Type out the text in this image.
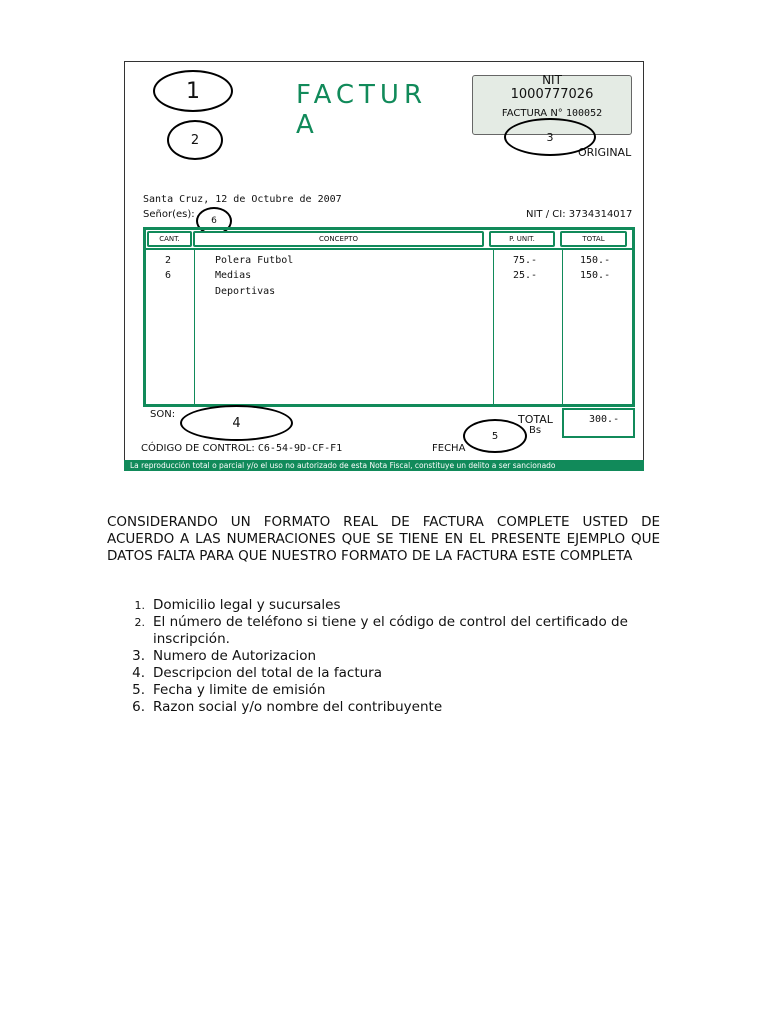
FACTURA
NIT
1000777026
FACTURA N° 100052
ORIGINAL
1
2	3
Santa Cruz, 12 de Octubre de 2007
Señor(es):	NIT / CI: 3734314017
6
CANT.	CONCEPTO	P. UNIT.	TOTAL
2	Polera Futbol	75.-	150.-
6	Medias	25.-	150.-
Deportivas
SON:
4	TOTAL
Bs
300.-
CÓDIGO DE CONTROL: C6-54-9D-CF-F1	FECHA
5
La reproducción total o parcial y/o el uso no autorizado de esta Nota Fiscal, constituye un delito a ser sancionado
CONSIDERANDO UN FORMATO REAL DE FACTURA COMPLETE USTED DE ACUERDO A LAS NUMERACIONES QUE SE TIENE EN EL PRESENTE EJEMPLO QUE DATOS FALTA PARA QUE NUESTRO FORMATO DE LA FACTURA ESTE COMPLETA
1. Domicilio legal y sucursales
2. El número de teléfono si tiene y el código de control del certificado de inscripción.
3. Numero de Autorizacion
4. Descripcion del total de la factura
5. Fecha y limite de emisión
6. Razon social y/o nombre del contribuyente
